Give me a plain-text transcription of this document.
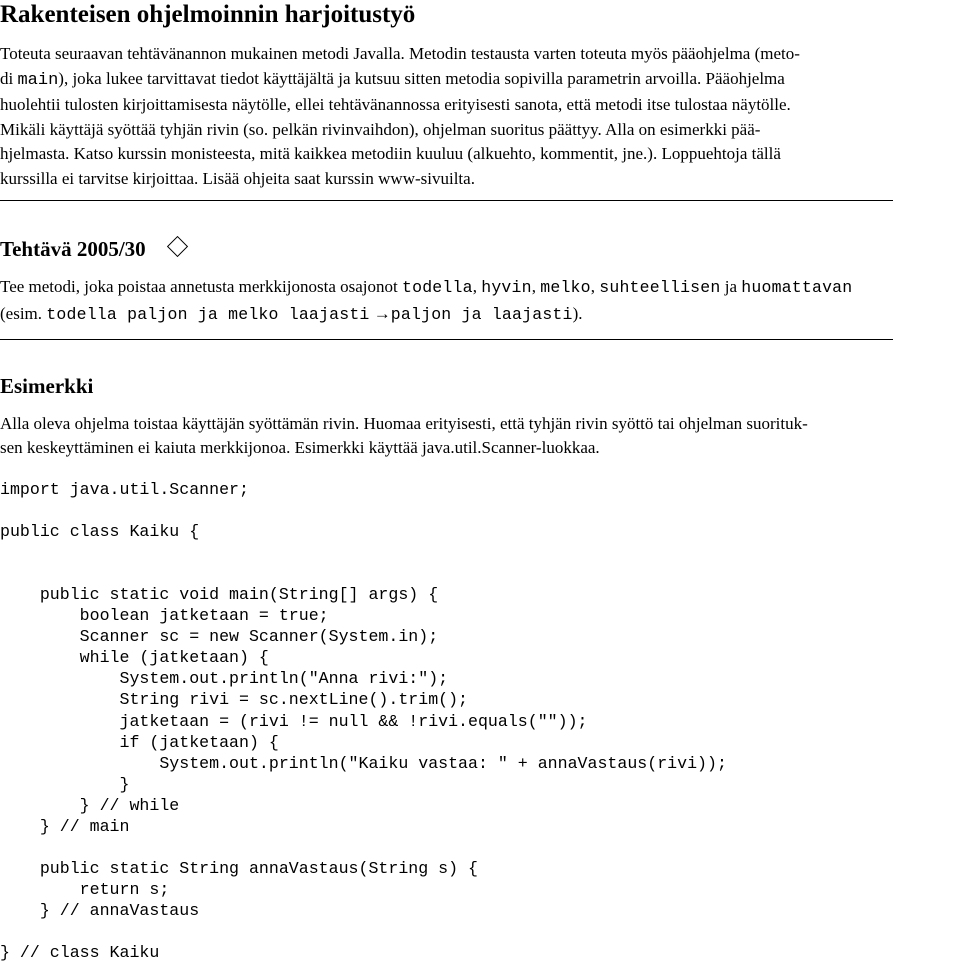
Rakenteisen ohjelmoinnin harjoitustyö
Toteuta seuraavan tehtävänannon mukainen metodi Javalla. Metodin testausta varten toteuta myös pääohjelma (meto-
di main), joka lukee tarvittavat tiedot käyttäjältä ja kutsuu sitten metodia sopivilla parametrin arvoilla. Pääohjelma
huolehtii tulosten kirjoittamisesta näytölle, ellei tehtävänannossa erityisesti sanota, että metodi itse tulostaa näytölle.
Mikäli käyttäjä syöttää tyhjän rivin (so. pelkän rivinvaihdon), ohjelman suoritus päättyy. Alla on esimerkki pää-
hjelmasta. Katso kurssin monisteesta, mitä kaikkea metodiin kuuluu (alkuehto, kommentit, jne.). Loppuehtoja tällä
kurssilla ei tarvitse kirjoittaa. Lisää ohjeita saat kurssin www-sivuilta.
Tehtävä 2005/30
Tee metodi, joka poistaa annetusta merkkijonosta osajonot todella, hyvin, melko, suhteellisen ja huomattavan
(esim. todella paljon ja melko laajasti →paljon ja laajasti).
Esimerkki
Alla oleva ohjelma toistaa käyttäjän syöttämän rivin. Huomaa erityisesti, että tyhjän rivin syöttö tai ohjelman suorituk-
sen keskeyttäminen ei kaiuta merkkijonoa. Esimerkki käyttää java.util.Scanner-luokkaa.
import java.util.Scanner;
public class Kaiku {
public static void main(String[] args) {
boolean jatketaan = true;
Scanner sc = new Scanner(System.in);
while (jatketaan) {
System.out.println("Anna rivi:");
String rivi = sc.nextLine().trim();
jatketaan = (rivi != null && !rivi.equals(""));
if (jatketaan) {
System.out.println("Kaiku vastaa: " + annaVastaus(rivi));
}
} // while
} // main
public static String annaVastaus(String s) {
return s;
} // annaVastaus
} // class Kaiku
